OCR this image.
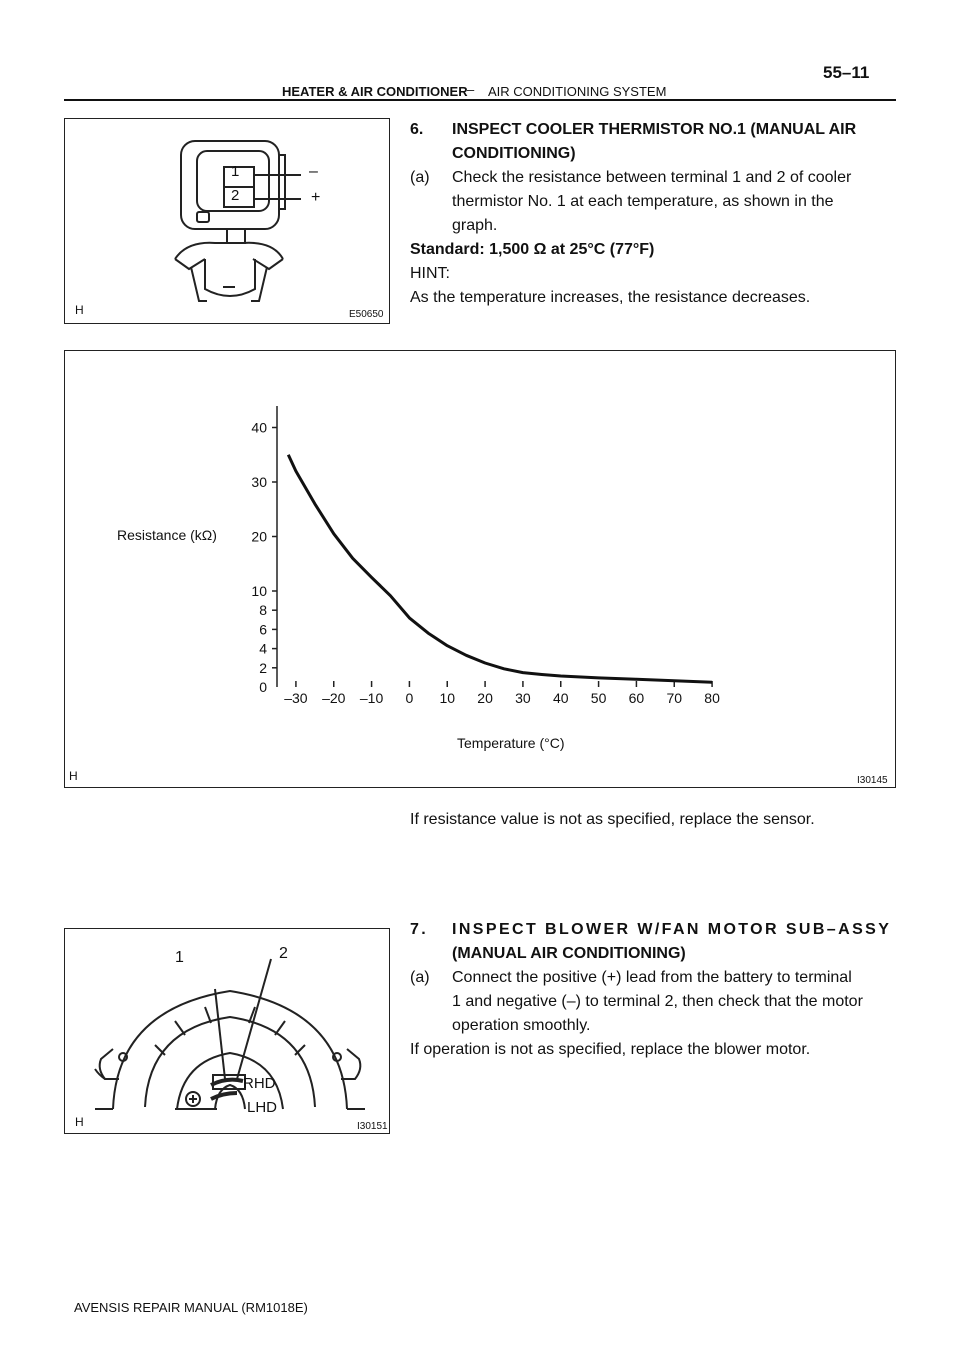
55–11
HEATER & AIR CONDITIONER – AIR CONDITIONING SYSTEM
1
2
–
+
H	E50650
6. INSPECT COOLER THERMISTOR NO.1 (MANUAL AIR
CONDITIONING)
(a) Check the resistance between terminal 1 and 2 of cooler
thermistor No. 1 at each temperature, as shown in the
graph.
Standard: 1,500 Ω at 25°C (77°F)
HINT:
As the temperature increases, the resistance decreases.
0
2
4
6
8
10
20
30
40
–30 –20 –10 0 10 20 30 40 50 60 70 80
Resistance (kΩ)
Temperature (°C)
H	I30145
If resistance value is not as specified, replace the sensor.
1	2
RHD
LHD
H	I30151
7. INSPECT BLOWER W/FAN MOTOR SUB–ASSY
(MANUAL AIR CONDITIONING)
(a) Connect the positive (+) lead from the battery to terminal
1 and negative (–) to terminal 2, then check that the motor
operation smoothly.
If operation is not as specified, replace the blower motor.
AVENSIS REPAIR MANUAL (RM1018E)
